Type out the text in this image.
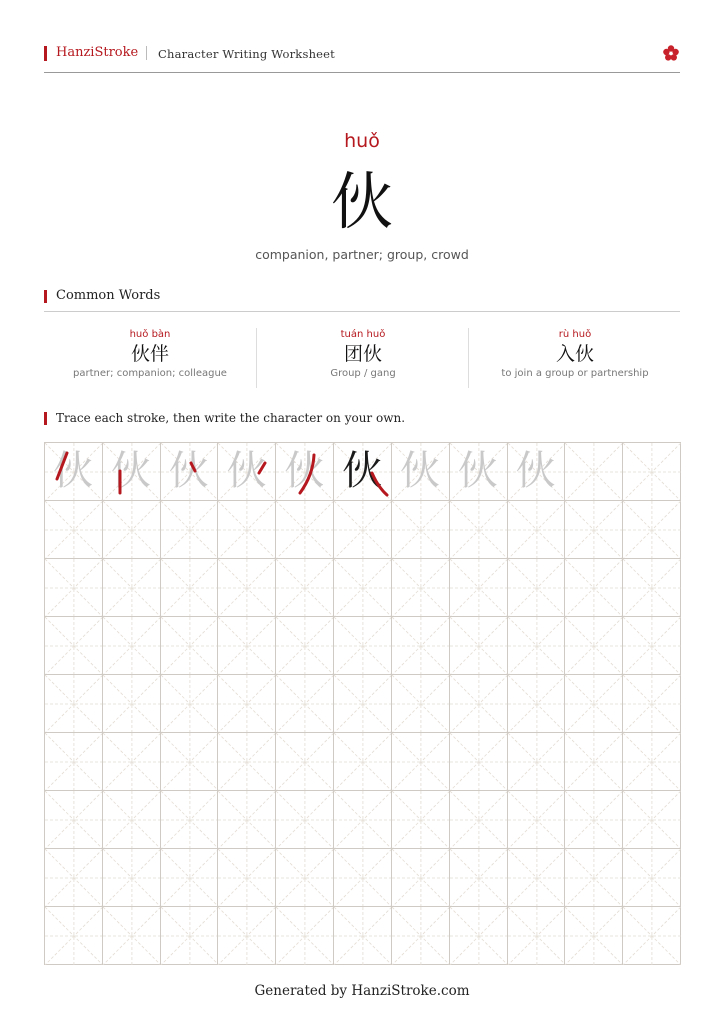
HanziStroke Character Writing Worksheet
huǒ
伙
companion, partner; group, crowd
Common Words
huǒ bàn
伙伴
partner; companion; colleague
tuán huǒ
团伙
Group / gang
rù huǒ
入伙
to join a group or partnership
Trace each stroke, then write the character on your own.
伙 伙 伙 伙 伙 伙 伙 伙 伙
Generated by HanziStroke.com
